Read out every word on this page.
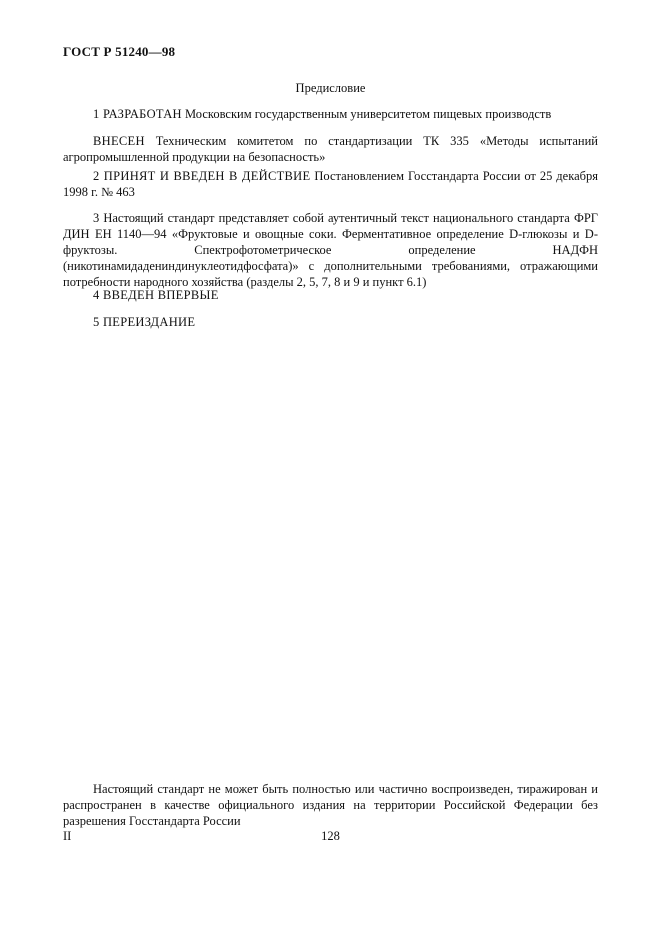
ГОСТ Р 51240—98
Предисловие

1 РАЗРАБОТАН Московским государственным университетом пищевых производств

ВНЕСЕН Техническим комитетом по стандартизации ТК 335 «Методы испытаний агропромышленной продукции на безопасность»

2 ПРИНЯТ И ВВЕДЕН В ДЕЙСТВИЕ Постановлением Госстандарта России от 25 декабря 1998 г. № 463

3 Настоящий стандарт представляет собой аутентичный текст национального стандарта ФРГ ДИН ЕН 1140—94 «Фруктовые и овощные соки. Ферментативное определение D-глюкозы и D-фруктозы. Спектрофотометрическое определение НАДФН (никотинамидадениндинуклеотидфосфата)» с дополнительными требованиями, отражающими потребности народного хозяйства (разделы 2, 5, 7, 8 и 9 и пункт 6.1)

4 ВВЕДЕН ВПЕРВЫЕ

5 ПЕРЕИЗДАНИЕ

Настоящий стандарт не может быть полностью или частично воспроизведен, тиражирован и распространен в качестве официального издания на территории Российской Федерации без разрешения Госстандарта России

II	128
